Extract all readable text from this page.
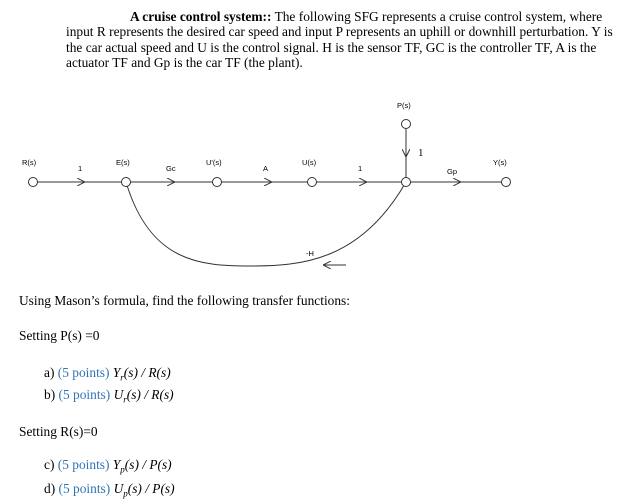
A cruise control system:: The following SFG represents a cruise control system, where input R represents the desired car speed and input P represents an uphill or downhill perturbation. Y is the car actual speed and U is the control signal. H is the sensor TF, GC is the controller TF, A is the actuator TF and Gp is the car TF (the plant).
R(s)	E(s)	U'(s)	U(s)
P(s)
Y(s)
1	Gc	A	1
1
Gp
-H
Using Mason’s formula, find the following transfer functions:
Setting P(s) =0
a) (5 points) $Y_r(s) / R(s)$
b) (5 points) $U_r(s) / R(s)$
Setting R(s)=0
c) (5 points) $Y_p(s) / P(s)$
d) (5 points) $U_p(s) / P(s)$
